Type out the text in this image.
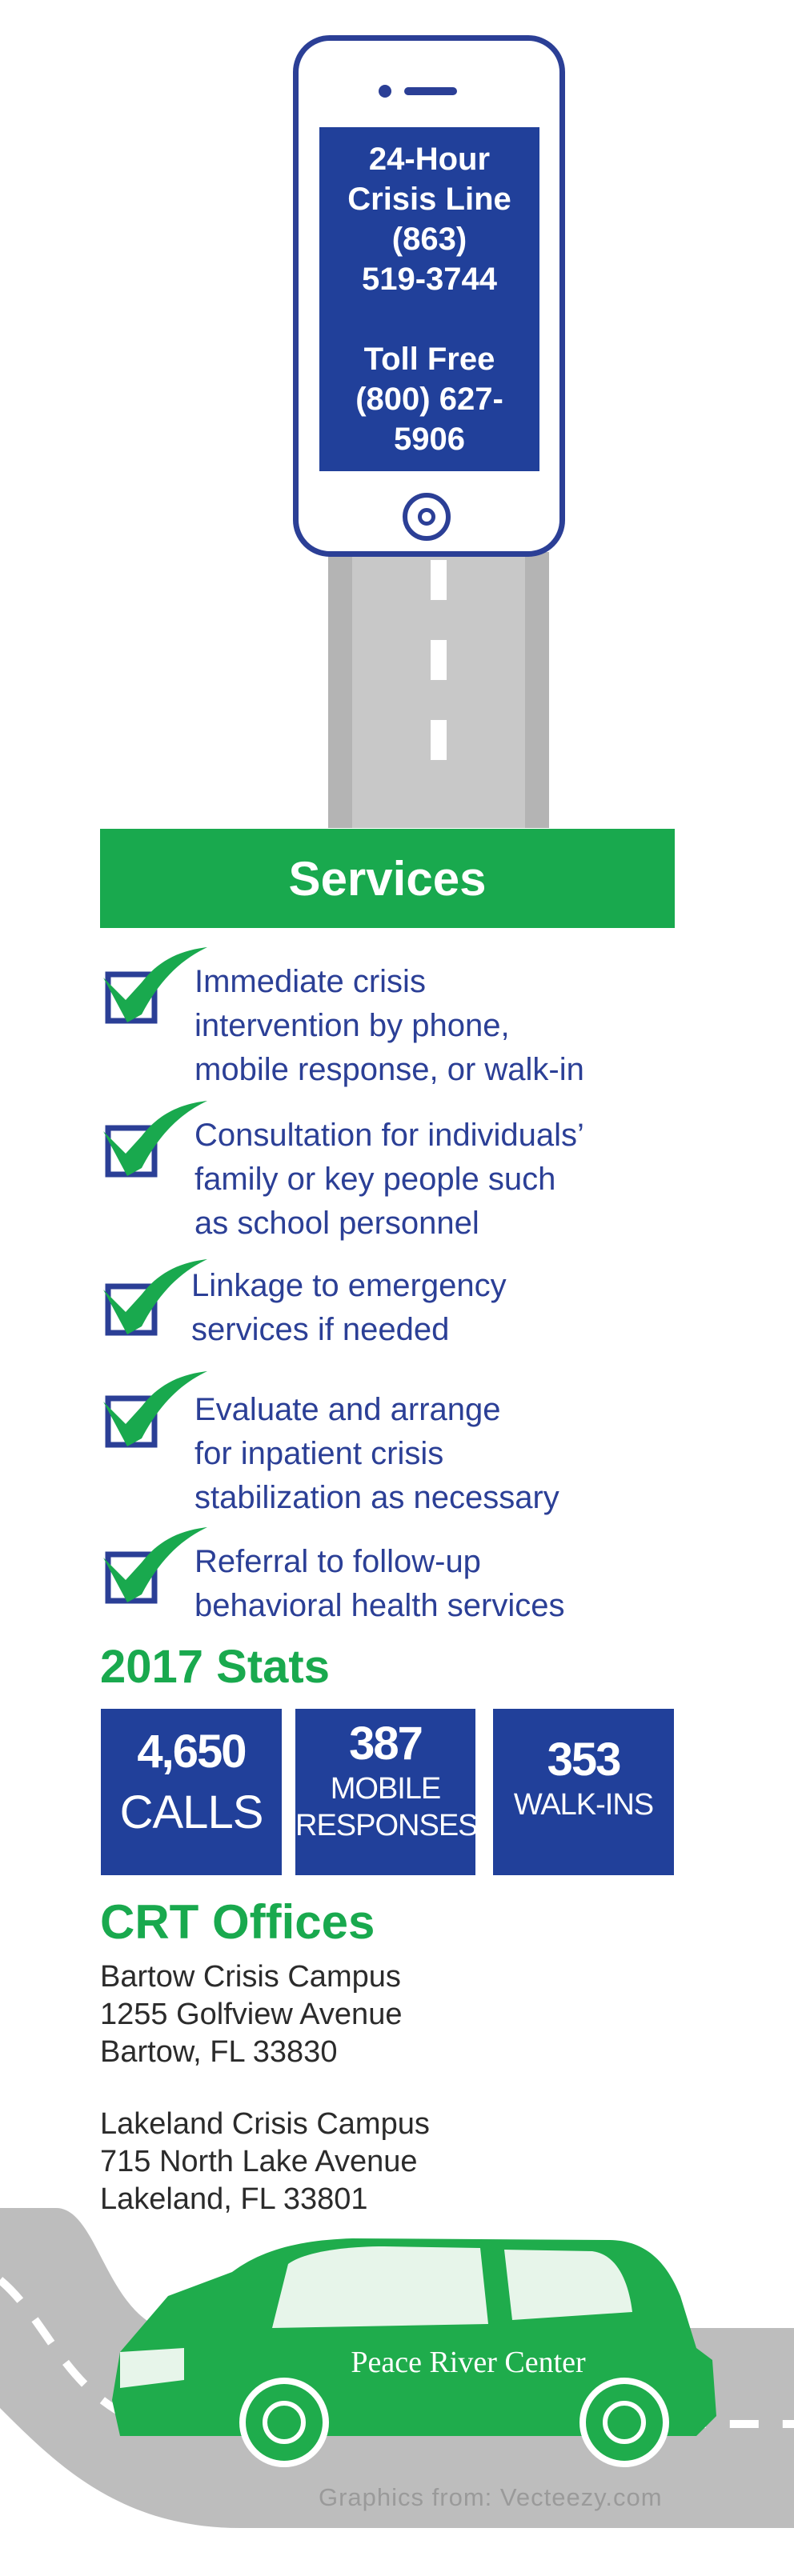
24-Hour
Crisis Line
(863)
519-3744
Toll Free
(800) 627-
5906
Services
Immediate crisis
intervention by phone,
mobile response, or walk-in
Consultation for individuals’
family or key people such
as school personnel
Linkage to emergency
services if needed
Evaluate and arrange
for inpatient crisis
stabilization as necessary
Referral to follow-up
behavioral health services
2017 Stats
4,650
CALLS
387
MOBILE
RESPONSES
353
WALK-INS
CRT Offices
Bartow Crisis Campus
1255 Golfview Avenue
Bartow, FL 33830
Lakeland Crisis Campus
715 North Lake Avenue
Lakeland, FL 33801
Peace River Center
Graphics from: Vecteezy.com
